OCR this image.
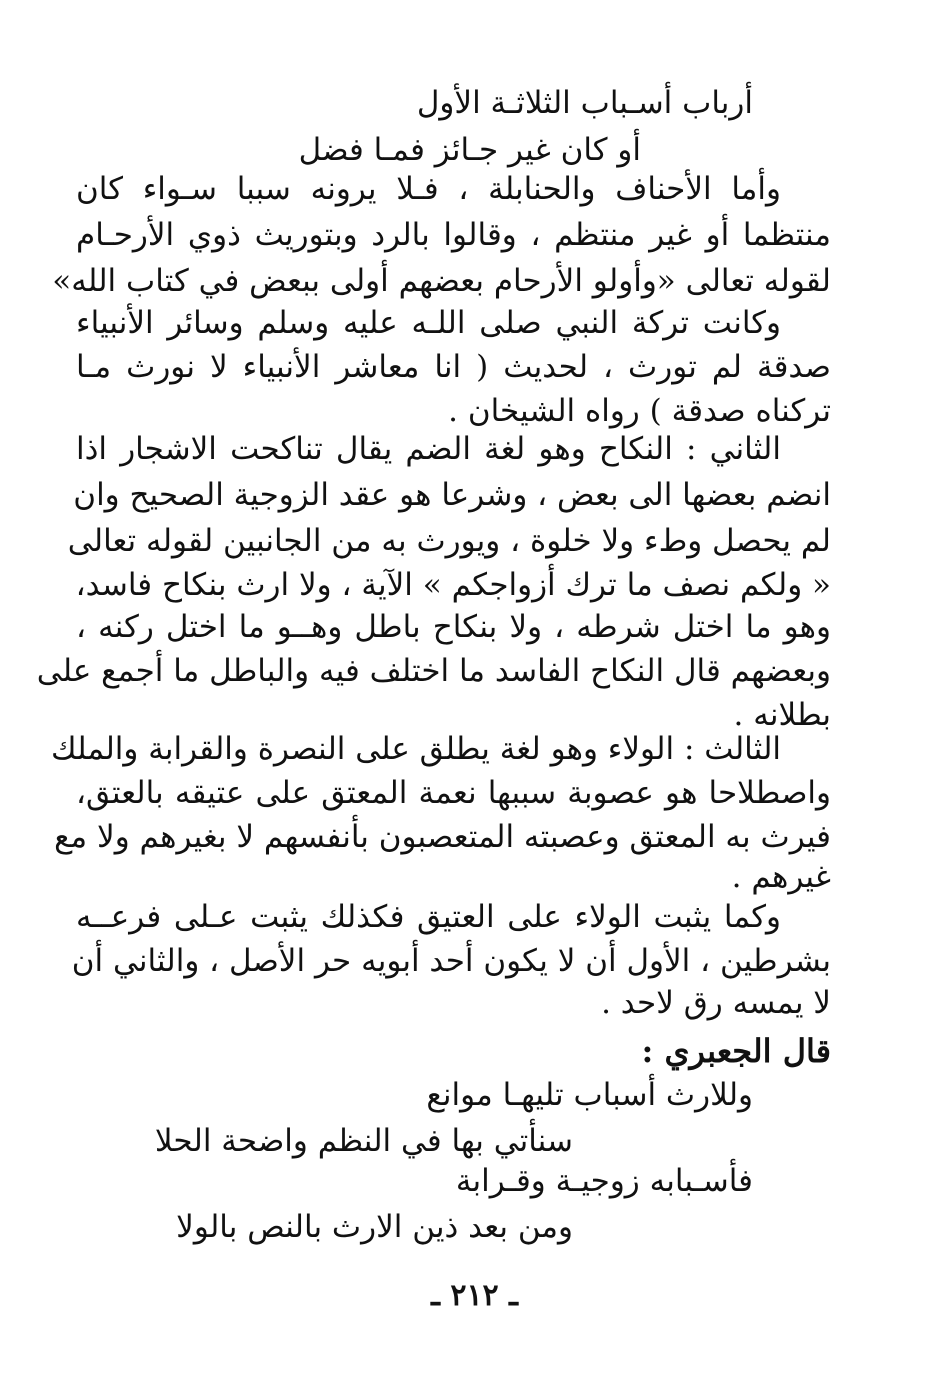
أرباب أسـباب الثلاثـة الأول
أو كان غير جـائز فمـا فضل
وأما الأحناف والحنابلة ، فـلا يرونه سببا سـواء كان
منتظما أو غير منتظم ، وقالوا بالرد وبتوريث ذوي الأرحـام
لقوله تعالى «وأولو الأرحام بعضهم أولى ببعض في كتاب الله»
وكانت تركة النبي صلى اللـه عليه وسلم وسائر الأنبياء
صدقة لم تورث ، لحديث ( انا معاشر الأنبياء لا نورث مـا
تركناه صدقة ) رواه الشيخان .
الثاني : النكاح وهو لغة الضم يقال تناكحت الاشجار اذا
انضم بعضها الى بعض ، وشرعا هو عقد الزوجية الصحيح وان
لم يحصل وطء ولا خلوة ، ويورث به من الجانبين لقوله تعالى
« ولكم نصف ما ترك أزواجكم » الآية ، ولا ارث بنكاح فاسد،
وهو ما اختل شرطه ، ولا بنكاح باطل وهــو ما اختل ركنه ،
وبعضهم قال النكاح الفاسد ما اختلف فيه والباطل ما أجمع على
بطلانه .
الثالث : الولاء وهو لغة يطلق على النصرة والقرابة والملك
واصطلاحا هو عصوبة سببها نعمة المعتق على عتيقه بالعتق،
فيرث به المعتق وعصبته المتعصبون بأنفسهم لا بغيرهم ولا مع
غيرهم .
وكما يثبت الولاء على العتيق فكذلك يثبت عـلى فرعــه
بشرطين ، الأول أن لا يكون أحد أبويه حر الأصل ، والثاني أن
لا يمسه رق لاحد .
قال الجعبري :
وللارث أسباب تليهـا موانع
سنأتي بها في النظم واضحة الحلا
فأسـبابه زوجيـة وقـرابة
ومن بعد ذين الارث بالنص بالولا
ـ ٢١٢ ـ
